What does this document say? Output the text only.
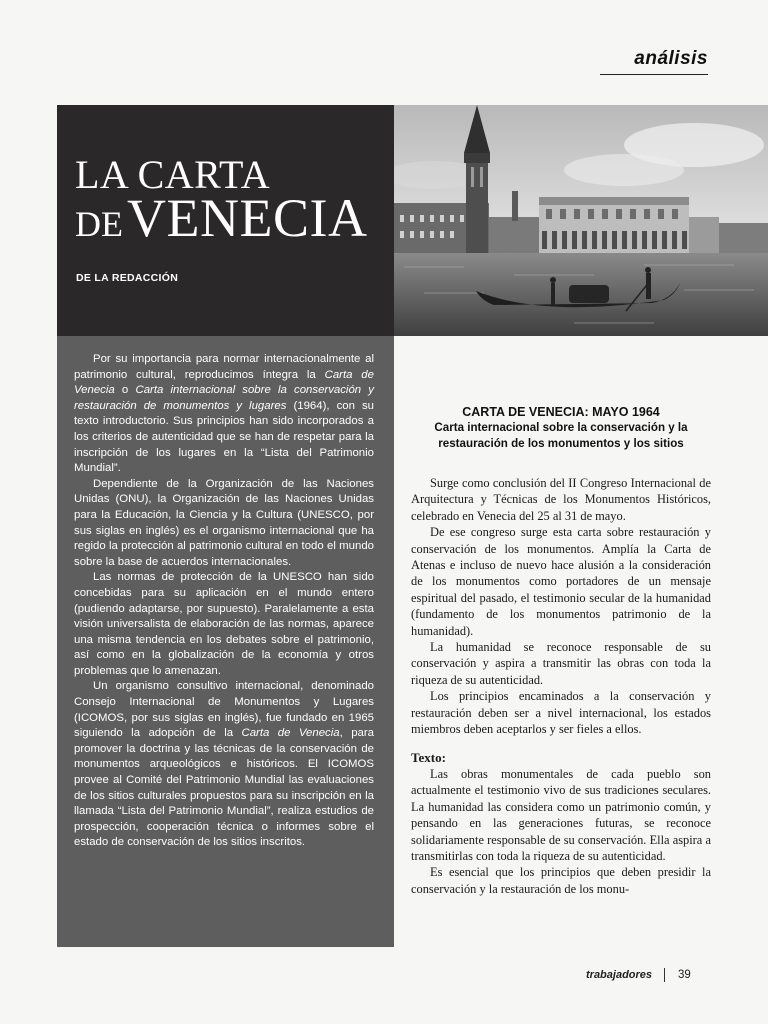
análisis
LA CARTA
DE VENECIA
DE LA REDACCIÓN

Por su importancia para normar internacionalmente al patrimonio cultural, reproducimos íntegra la Carta de Venecia o Carta internacional sobre la conservación y restauración de monumentos y lugares (1964), con su texto introductorio. Sus principios han sido incorporados a los criterios de autenticidad que se han de respetar para la inscripción de los lugares en la “Lista del Patrimonio Mundial”.

Dependiente de la Organización de las Naciones Unidas (ONU), la Organización de las Naciones Unidas para la Educación, la Ciencia y la Cultura (UNESCO, por sus siglas en inglés) es el organismo internacional que ha regido la protección al patrimonio cultural en todo el mundo sobre la base de acuerdos internacionales.

Las normas de protección de la UNESCO han sido concebidas para su aplicación en el mundo entero (pudiendo adaptarse, por supuesto). Paralelamente a esta visión universalista de elaboración de las normas, aparece una misma tendencia en los debates sobre el patrimonio, así como en la globalización de la economía y otros problemas que lo amenazan.

Un organismo consultivo internacional, denominado Consejo Internacional de Monumentos y Lugares (ICOMOS, por sus siglas en inglés), fue fundado en 1965 siguiendo la adopción de la Carta de Venecia, para promover la doctrina y las técnicas de la conservación de monumentos arqueológicos e históricos. El ICOMOS provee al Comité del Patrimonio Mundial las evaluaciones de los sitios culturales propuestos para su inscripción en la llamada “Lista del Patrimonio Mundial”, realiza estudios de prospección, cooperación técnica o informes sobre el estado de conservación de los sitios inscritos.

CARTA DE VENECIA: MAYO 1964
Carta internacional sobre la conservación y la restauración de los monumentos y los sitios

Surge como conclusión del II Congreso Internacional de Arquitectura y Técnicas de los Monumentos Históricos, celebrado en Venecia del 25 al 31 de mayo.

De ese congreso surge esta carta sobre restauración y conservación de los monumentos. Amplía la Carta de Atenas e incluso de nuevo hace alusión a la consideración de los monumentos como portadores de un mensaje espiritual del pasado, el testimonio secular de la humanidad (fundamento de los monumentos patrimonio de la humanidad).

La humanidad se reconoce responsable de su conservación y aspira a transmitir las obras con toda la riqueza de su autenticidad.

Los principios encaminados a la conservación y restauración deben ser a nivel internacional, los estados miembros deben aceptarlos y ser fieles a ellos.

Texto:

Las obras monumentales de cada pueblo son actualmente el testimonio vivo de sus tradiciones seculares. La humanidad las considera como un patrimonio común, y pensando en las generaciones futuras, se reconoce solidariamente responsable de su conservación. Ella aspira a transmitirlas con toda la riqueza de su autenticidad.

Es esencial que los principios que deben presidir la conservación y la restauración de los monu-

trabajadores 39
